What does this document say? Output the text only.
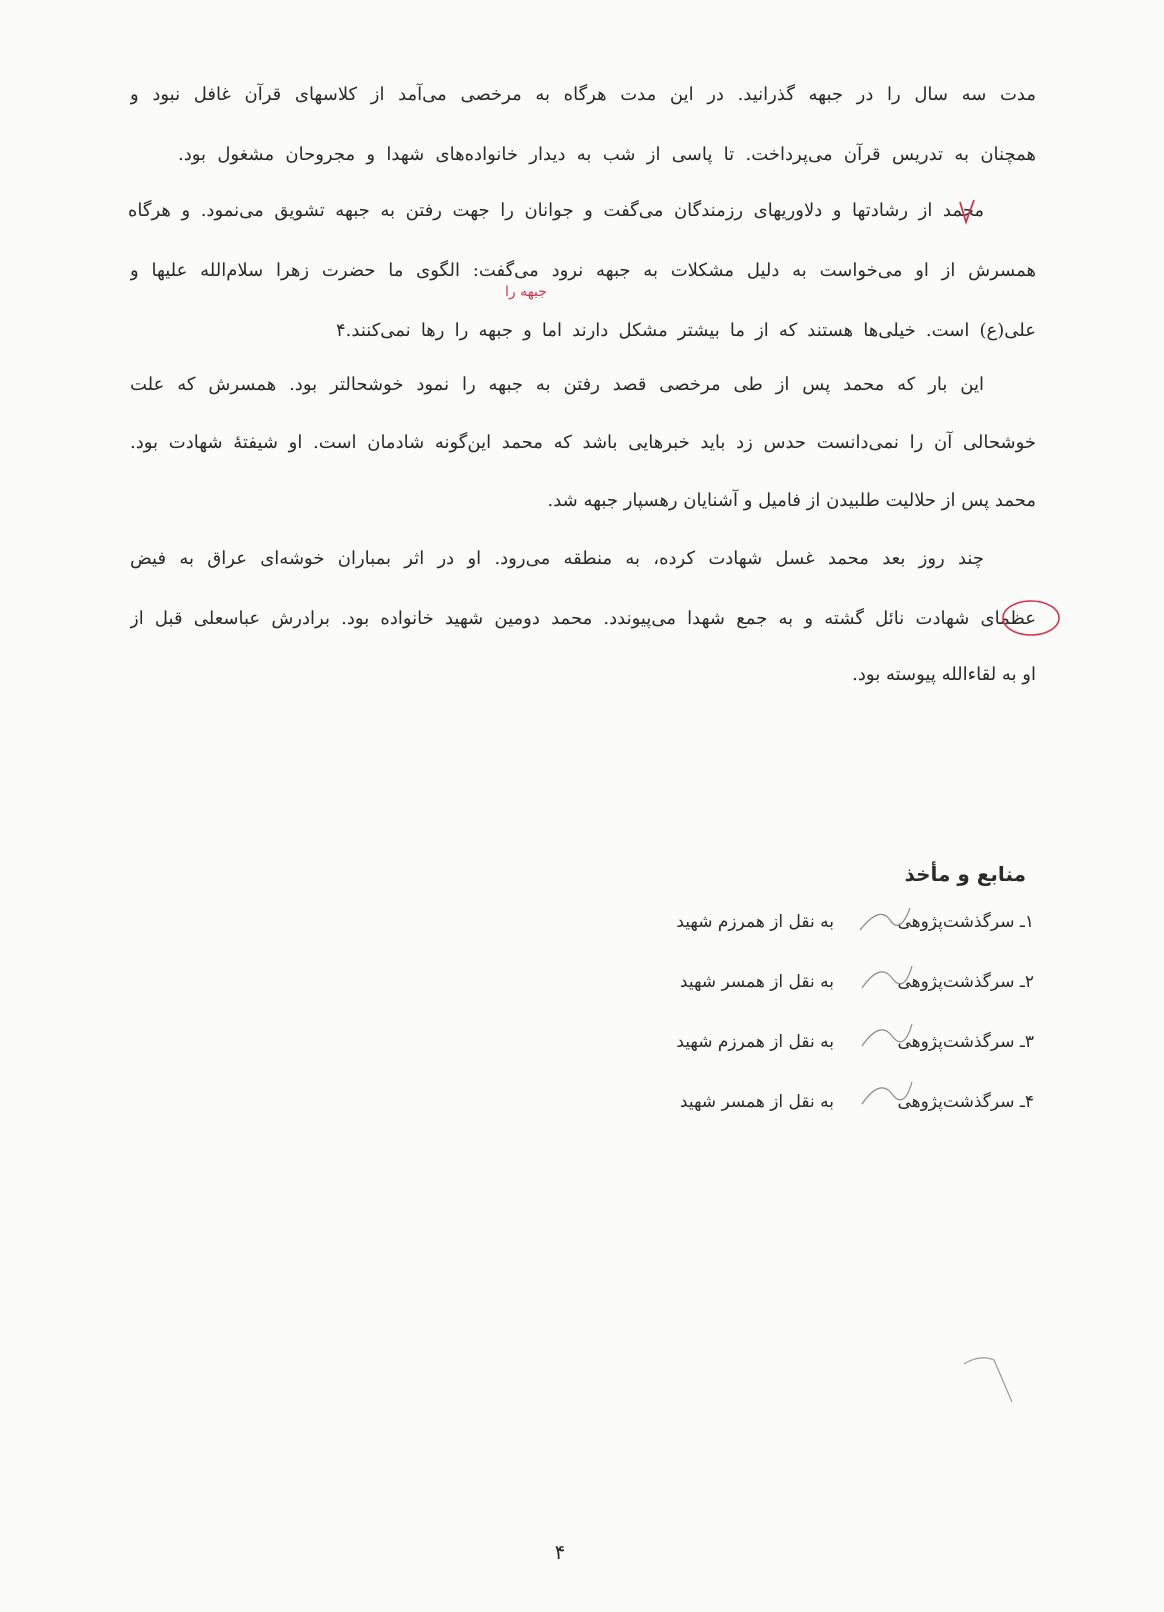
مدت سه سال را در جبهه گذرانید. در این مدت هرگاه به مرخصی می‌آمد از کلاسهای قرآن غافل نبود و
همچنان به تدریس قرآن می‌پرداخت. تا پاسی از شب به دیدار خانواده‌های شهدا و مجروحان مشغول بود.
محمد از رشادتها و دلاوریهای رزمندگان می‌گفت و جوانان را جهت رفتن به جبهه تشویق می‌نمود. و هرگاه
همسرش از او می‌خواست به دلیل مشکلات به جبهه نرود می‌گفت: الگوی ما حضرت زهرا سلام‌الله علیها و
علی(ع) است. خیلی‌ها هستند که از ما بیشتر مشکل دارند اما و جبهه را رها نمی‌کنند.۴
این بار که محمد پس از طی مرخصی قصد رفتن به جبهه را نمود خوشحالتر بود. همسرش که علت
خوشحالی آن را نمی‌دانست حدس زد باید خبرهایی باشد که محمد این‌گونه شادمان است. او شیفتهٔ شهادت بود.
محمد پس از حلالیت طلبیدن از فامیل و آشنایان رهسپار جبهه شد.
چند روز بعد محمد غسل شهادت کرده، به منطقه می‌رود. او در اثر بمباران خوشه‌ای عراق به فیض
عظمای شهادت نائل گشته و به جمع شهدا می‌پیوندد. محمد دومین شهید خانواده بود. برادرش عباسعلی قبل از
او به لقاءالله پیوسته بود.
جبهه را
منابع و مأخذ
۱ـ سرگذشت‌پژوهی
به نقل از همرزم شهید
۲ـ سرگذشت‌پژوهی
به نقل از همسر شهید
۳ـ سرگذشت‌پژوهی
به نقل از همرزم شهید
۴ـ سرگذشت‌پژوهی
به نقل از همسر شهید
۴
